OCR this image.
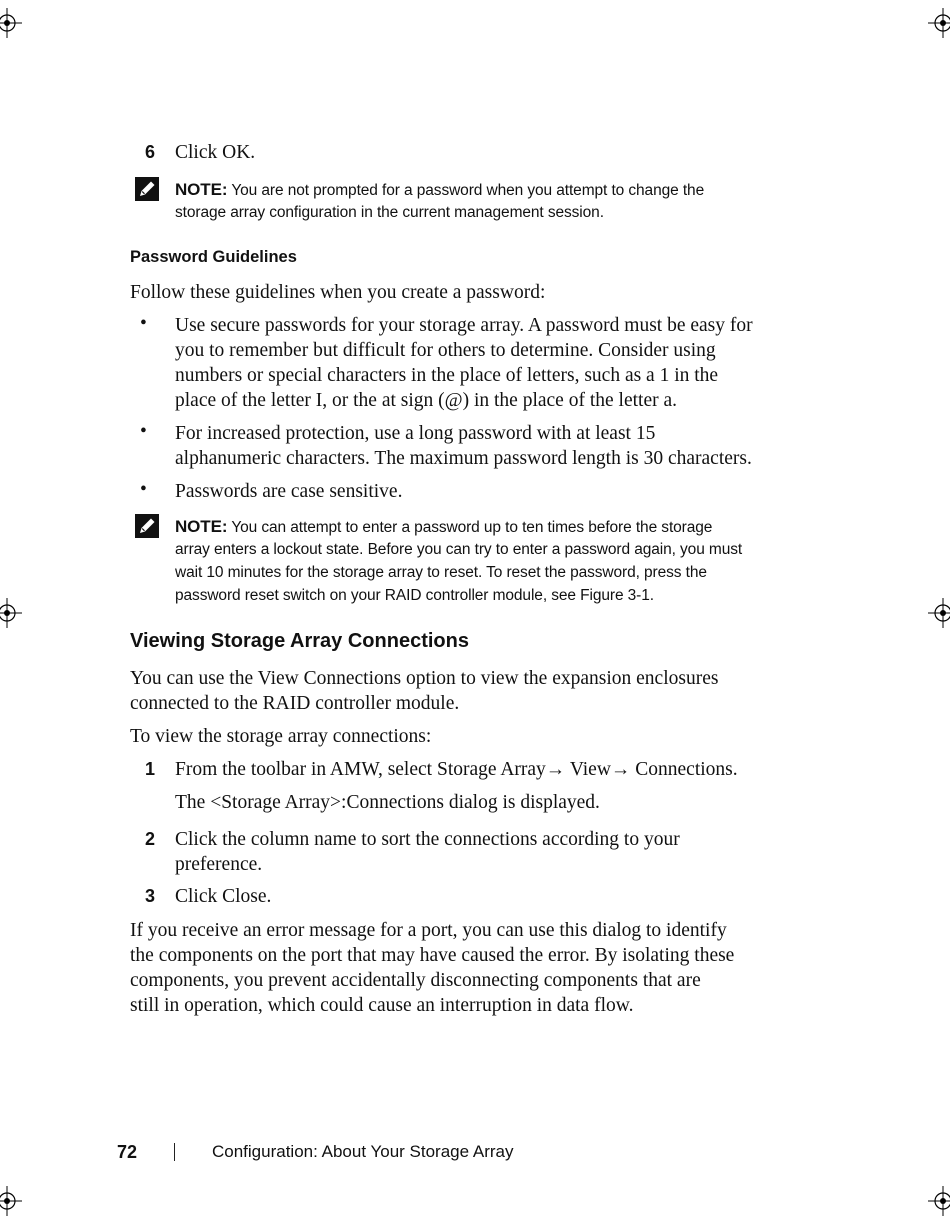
6 Click OK.
NOTE: You are not prompted for a password when you attempt to change the
storage array configuration in the current management session.
Password Guidelines
Follow these guidelines when you create a password:
• Use secure passwords for your storage array. A password must be easy for
you to remember but difficult for others to determine. Consider using
numbers or special characters in the place of letters, such as a 1 in the
place of the letter I, or the at sign (@) in the place of the letter a.
• For increased protection, use a long password with at least 15
alphanumeric characters. The maximum password length is 30 characters.
• Passwords are case sensitive.
NOTE: You can attempt to enter a password up to ten times before the storage
array enters a lockout state. Before you can try to enter a password again, you must
wait 10 minutes for the storage array to reset. To reset the password, press the
password reset switch on your RAID controller module, see Figure 3-1.
Viewing Storage Array Connections
You can use the View Connections option to view the expansion enclosures
connected to the RAID controller module.
To view the storage array connections:
1 From the toolbar in AMW, select Storage Array→ View→ Connections.
The <Storage Array>:Connections dialog is displayed.
2 Click the column name to sort the connections according to your
preference.
3 Click Close.
If you receive an error message for a port, you can use this dialog to identify
the components on the port that may have caused the error. By isolating these
components, you prevent accidentally disconnecting components that are
still in operation, which could cause an interruption in data flow.
72	Configuration: About Your Storage Array
